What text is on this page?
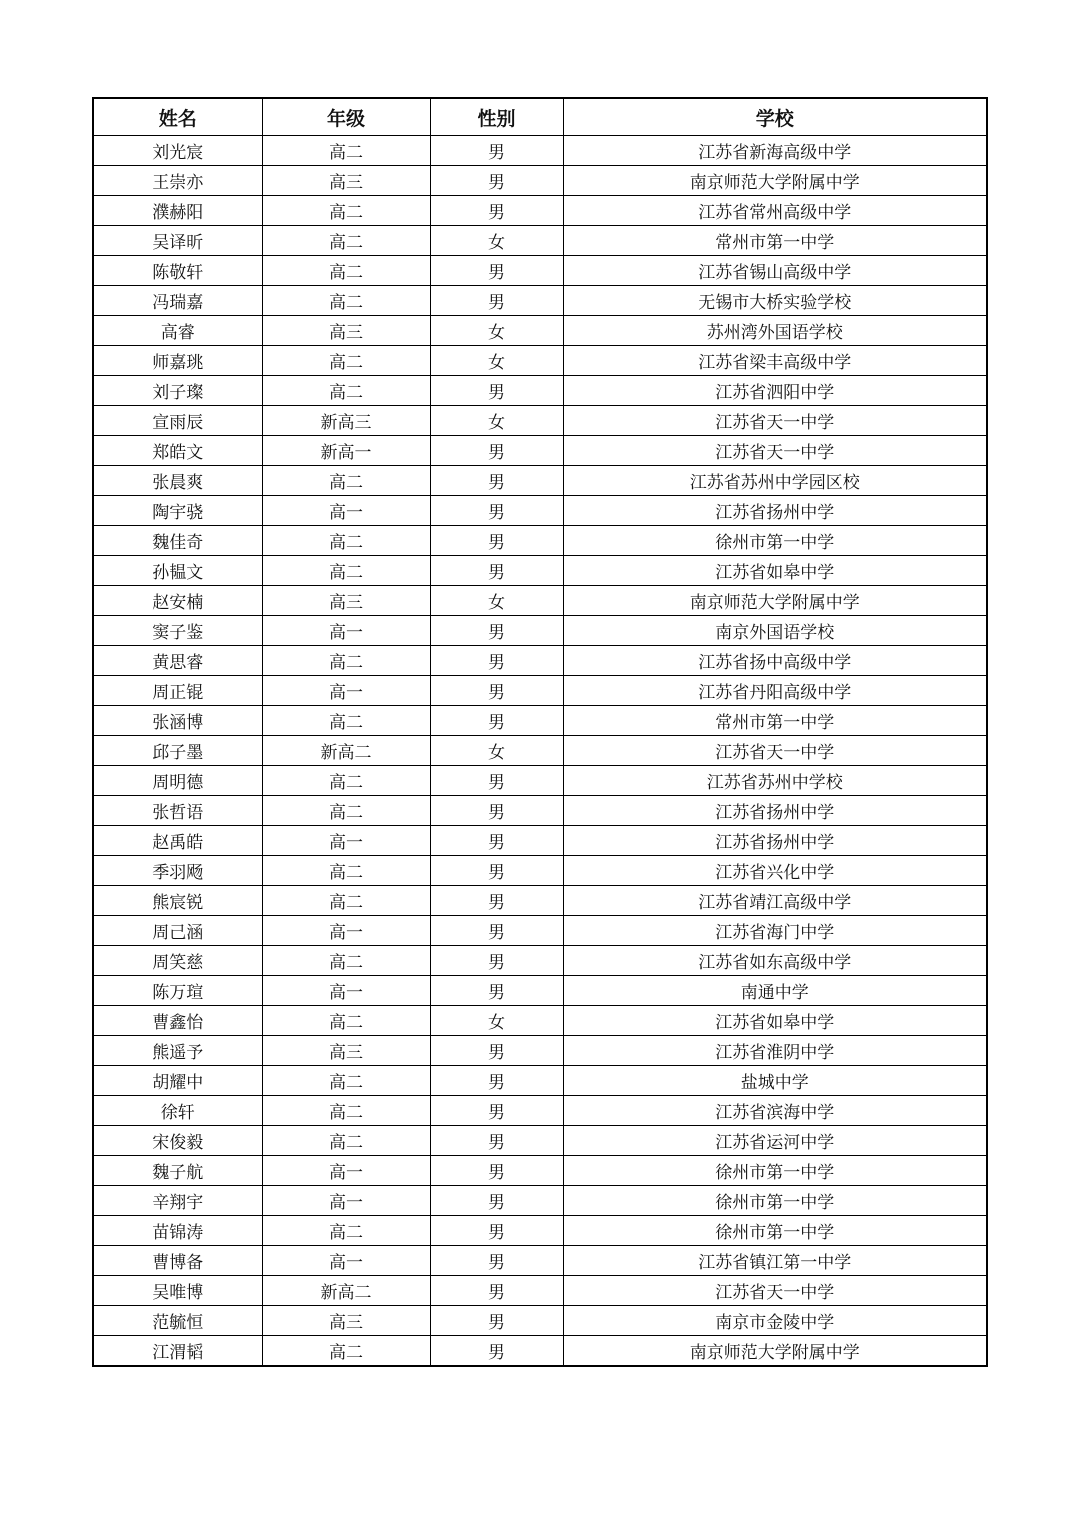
姓名	年级	性别	学校
刘光宸	高二	男	江苏省新海高级中学
王崇亦	高三	男	南京师范大学附属中学
濮赫阳	高二	男	江苏省常州高级中学
吴译昕	高二	女	常州市第一中学
陈敬轩	高二	男	江苏省锡山高级中学
冯瑞嘉	高二	男	无锡市大桥实验学校
高睿	高三	女	苏州湾外国语学校
师嘉珧	高二	女	江苏省梁丰高级中学
刘子璨	高二	男	江苏省泗阳中学
宣雨辰	新高三	女	江苏省天一中学
郑皓文	新高一	男	江苏省天一中学
张晨爽	高二	男	江苏省苏州中学园区校
陶宇骁	高一	男	江苏省扬州中学
魏佳奇	高二	男	徐州市第一中学
孙韫文	高二	男	江苏省如皋中学
赵安楠	高三	女	南京师范大学附属中学
窦子鉴	高一	男	南京外国语学校
黄思睿	高二	男	江苏省扬中高级中学
周正锟	高一	男	江苏省丹阳高级中学
张涵博	高二	男	常州市第一中学
邱子墨	新高二	女	江苏省天一中学
周明德	高二	男	江苏省苏州中学校
张哲语	高二	男	江苏省扬州中学
赵禹皓	高一	男	江苏省扬州中学
季羽飏	高二	男	江苏省兴化中学
熊宸锐	高二	男	江苏省靖江高级中学
周己涵	高一	男	江苏省海门中学
周笑慈	高二	男	江苏省如东高级中学
陈万瑄	高一	男	南通中学
曹鑫怡	高二	女	江苏省如皋中学
熊遥予	高三	男	江苏省淮阴中学
胡耀中	高二	男	盐城中学
徐轩	高二	男	江苏省滨海中学
宋俊毅	高二	男	江苏省运河中学
魏子航	高一	男	徐州市第一中学
辛翔宇	高一	男	徐州市第一中学
苗锦涛	高二	男	徐州市第一中学
曹博备	高一	男	江苏省镇江第一中学
吴唯博	新高二	男	江苏省天一中学
范毓恒	高三	男	南京市金陵中学
江渭韬	高二	男	南京师范大学附属中学
